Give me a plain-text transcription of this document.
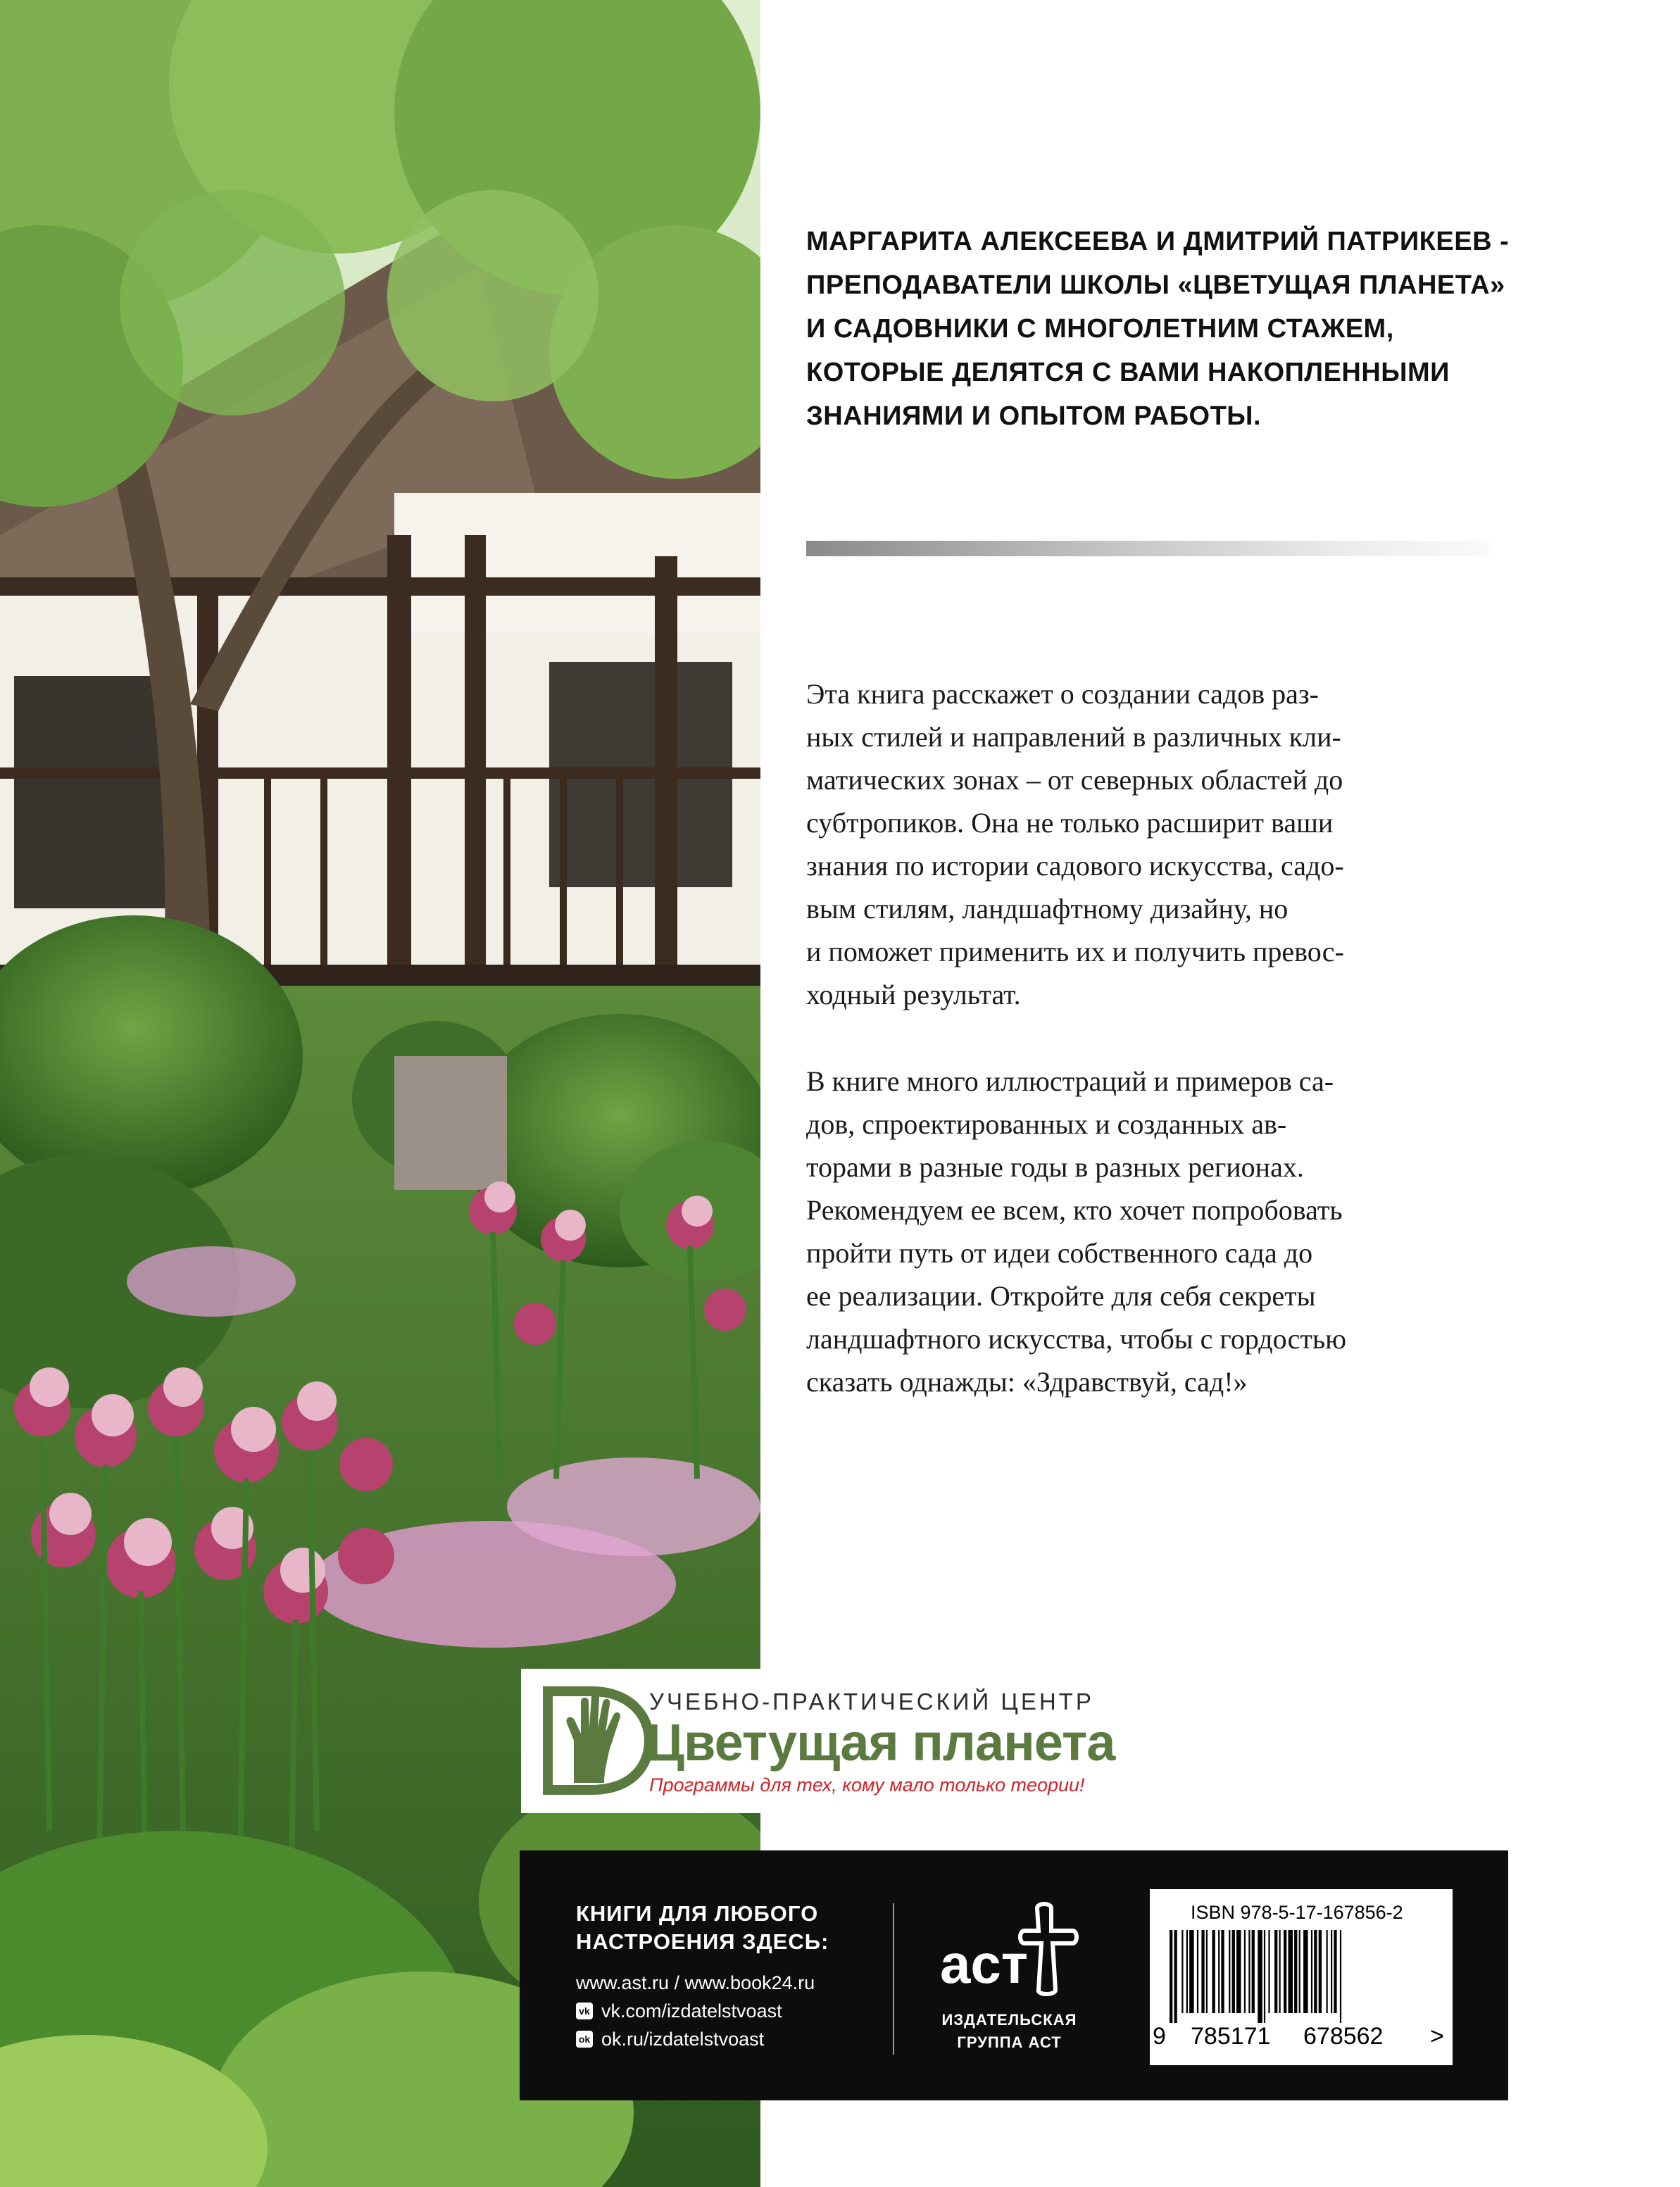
МАРГАРИТА АЛЕКСЕЕВА И ДМИТРИЙ ПАТРИКЕЕВ -
ПРЕПОДАВАТЕЛИ ШКОЛЫ «ЦВЕТУЩАЯ ПЛАНЕТА»
И САДОВНИКИ С МНОГОЛЕТНИМ СТАЖЕМ,
КОТОРЫЕ ДЕЛЯТСЯ С ВАМИ НАКОПЛЕННЫМИ
ЗНАНИЯМИ И ОПЫТОМ РАБОТЫ.
Эта книга расскажет о создании садов раз-
ных стилей и направлений в различных кли-
матических зонах – от северных областей до
субтропиков. Она не только расширит ваши
знания по истории садового искусства, садо-
вым стилям, ландшафтному дизайну, но
и поможет применить их и получить превос-
ходный результат.
В книге много иллюстраций и примеров са-
дов, спроектированных и созданных ав-
торами в разные годы в разных регионах.
Рекомендуем ее всем, кто хочет попробовать
пройти путь от идеи собственного сада до
ее реализации. Откройте для себя секреты
ландшафтного искусства, чтобы с гордостью
сказать однажды: «Здравствуй, сад!»
УЧЕБНО-ПРАКТИЧЕСКИЙ ЦЕНТР
Цветущая планета
Программы для тех, кому мало только теории!
КНИГИ ДЛЯ ЛЮБОГО
НАСТРОЕНИЯ ЗДЕСЬ:
www.ast.ru / www.book24.ru
vk vk.com/izdatelstvoast
ok ok.ru/izdatelstvoast
аст
ИЗДАТЕЛЬСКАЯ
ГРУППА АСТ
ISBN 978-5-17-167856-2
9 785171 678562 >
